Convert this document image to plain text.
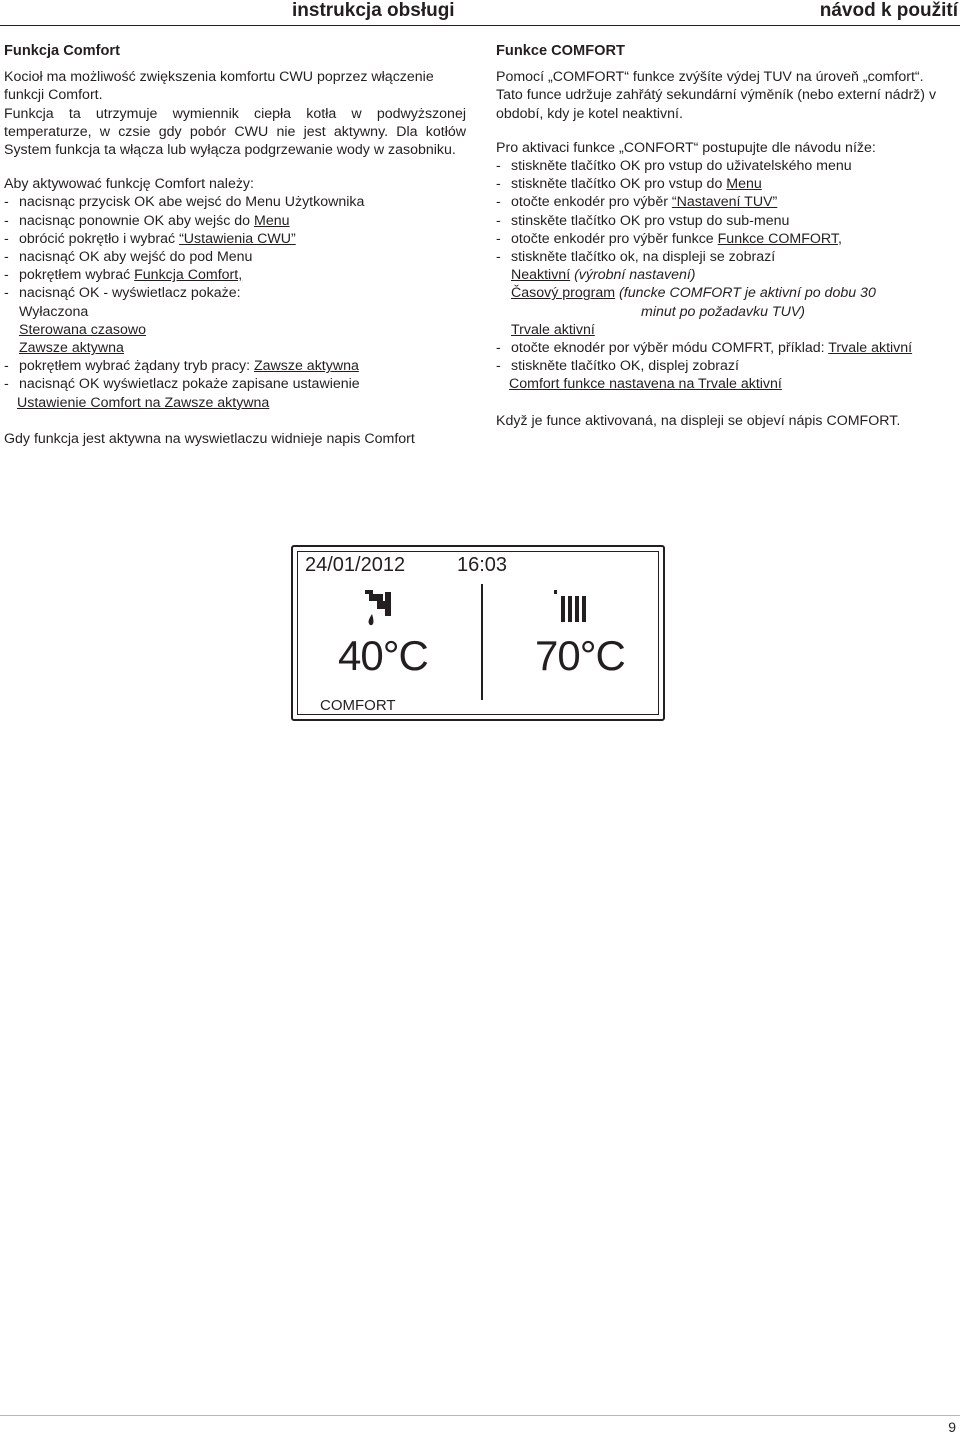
instrukcja obsługi	návod k použití

Funkcja Comfort

Kocioł ma możliwość zwiększenia komfortu CWU poprzez włączenie funkcji Comfort.

Funkcja ta utrzymuje wymiennik ciepła kotła w podwyższonej temperaturze, w czsie gdy pobór CWU nie jest aktywny. Dla kotłów System funkcja ta włącza lub wyłącza podgrzewanie wody w zasobniku.

Aby aktywować funkcję Comfort należy:

- nacisnąc przycisk OK abe wejsć do Menu Użytkownika

- nacisnąc ponownie OK aby wejśc do Menu

- obrócić pokrętło i wybrać “Ustawienia CWU”

- nacisnąć OK aby wejść do pod Menu

- pokrętłem wybrać Funkcja Comfort,

- nacisnąć OK - wyświetlacz pokaże:

Wyłaczona

Sterowana czasowo

Zawsze aktywna

- pokrętłem wybrać żądany tryb pracy: Zawsze aktywna

- nacisnąć OK wyświetlacz pokaże zapisane ustawienie

Ustawienie Comfort na Zawsze aktywna

Gdy funkcja jest aktywna na wyswietlaczu widnieje napis Comfort

Funkce COMFORT

Pomocí „COMFORT“ funkce zvýšíte výdej TUV na úroveň „comfort“.

Tato funce udržuje zahřátý sekundární výměník (nebo externí nádrž) v období, kdy je kotel neaktivní.

Pro aktivaci funkce „CONFORT“ postupujte dle návodu níže:

- stiskněte tlačítko OK pro vstup do uživatelského menu

- stiskněte tlačítko OK pro vstup do Menu

- otočte enkodér pro výběr “Nastavení TUV”

- stinskěte tlačítko OK pro vstup do sub-menu

- otočte enkodér pro výběr funkce Funkce COMFORT,

- stiskněte tlačítko ok, na displeji se zobrazí

Neaktivní (výrobní nastavení)

Časový program (funcke COMFORT je aktivní po dobu 30

minut po požadavku TUV)

Trvale aktivní

- otočte eknodér por výběr módu COMFRT, příklad: Trvale aktivní

- stiskněte tlačítko OK, displej zobrazí

Comfort funkce nastavena na Trvale aktivní

Když je funce aktivovaná, na displeji se objeví nápis COMFORT.

24/01/2012	16:03
40°C	70°C
COMFORT
9
